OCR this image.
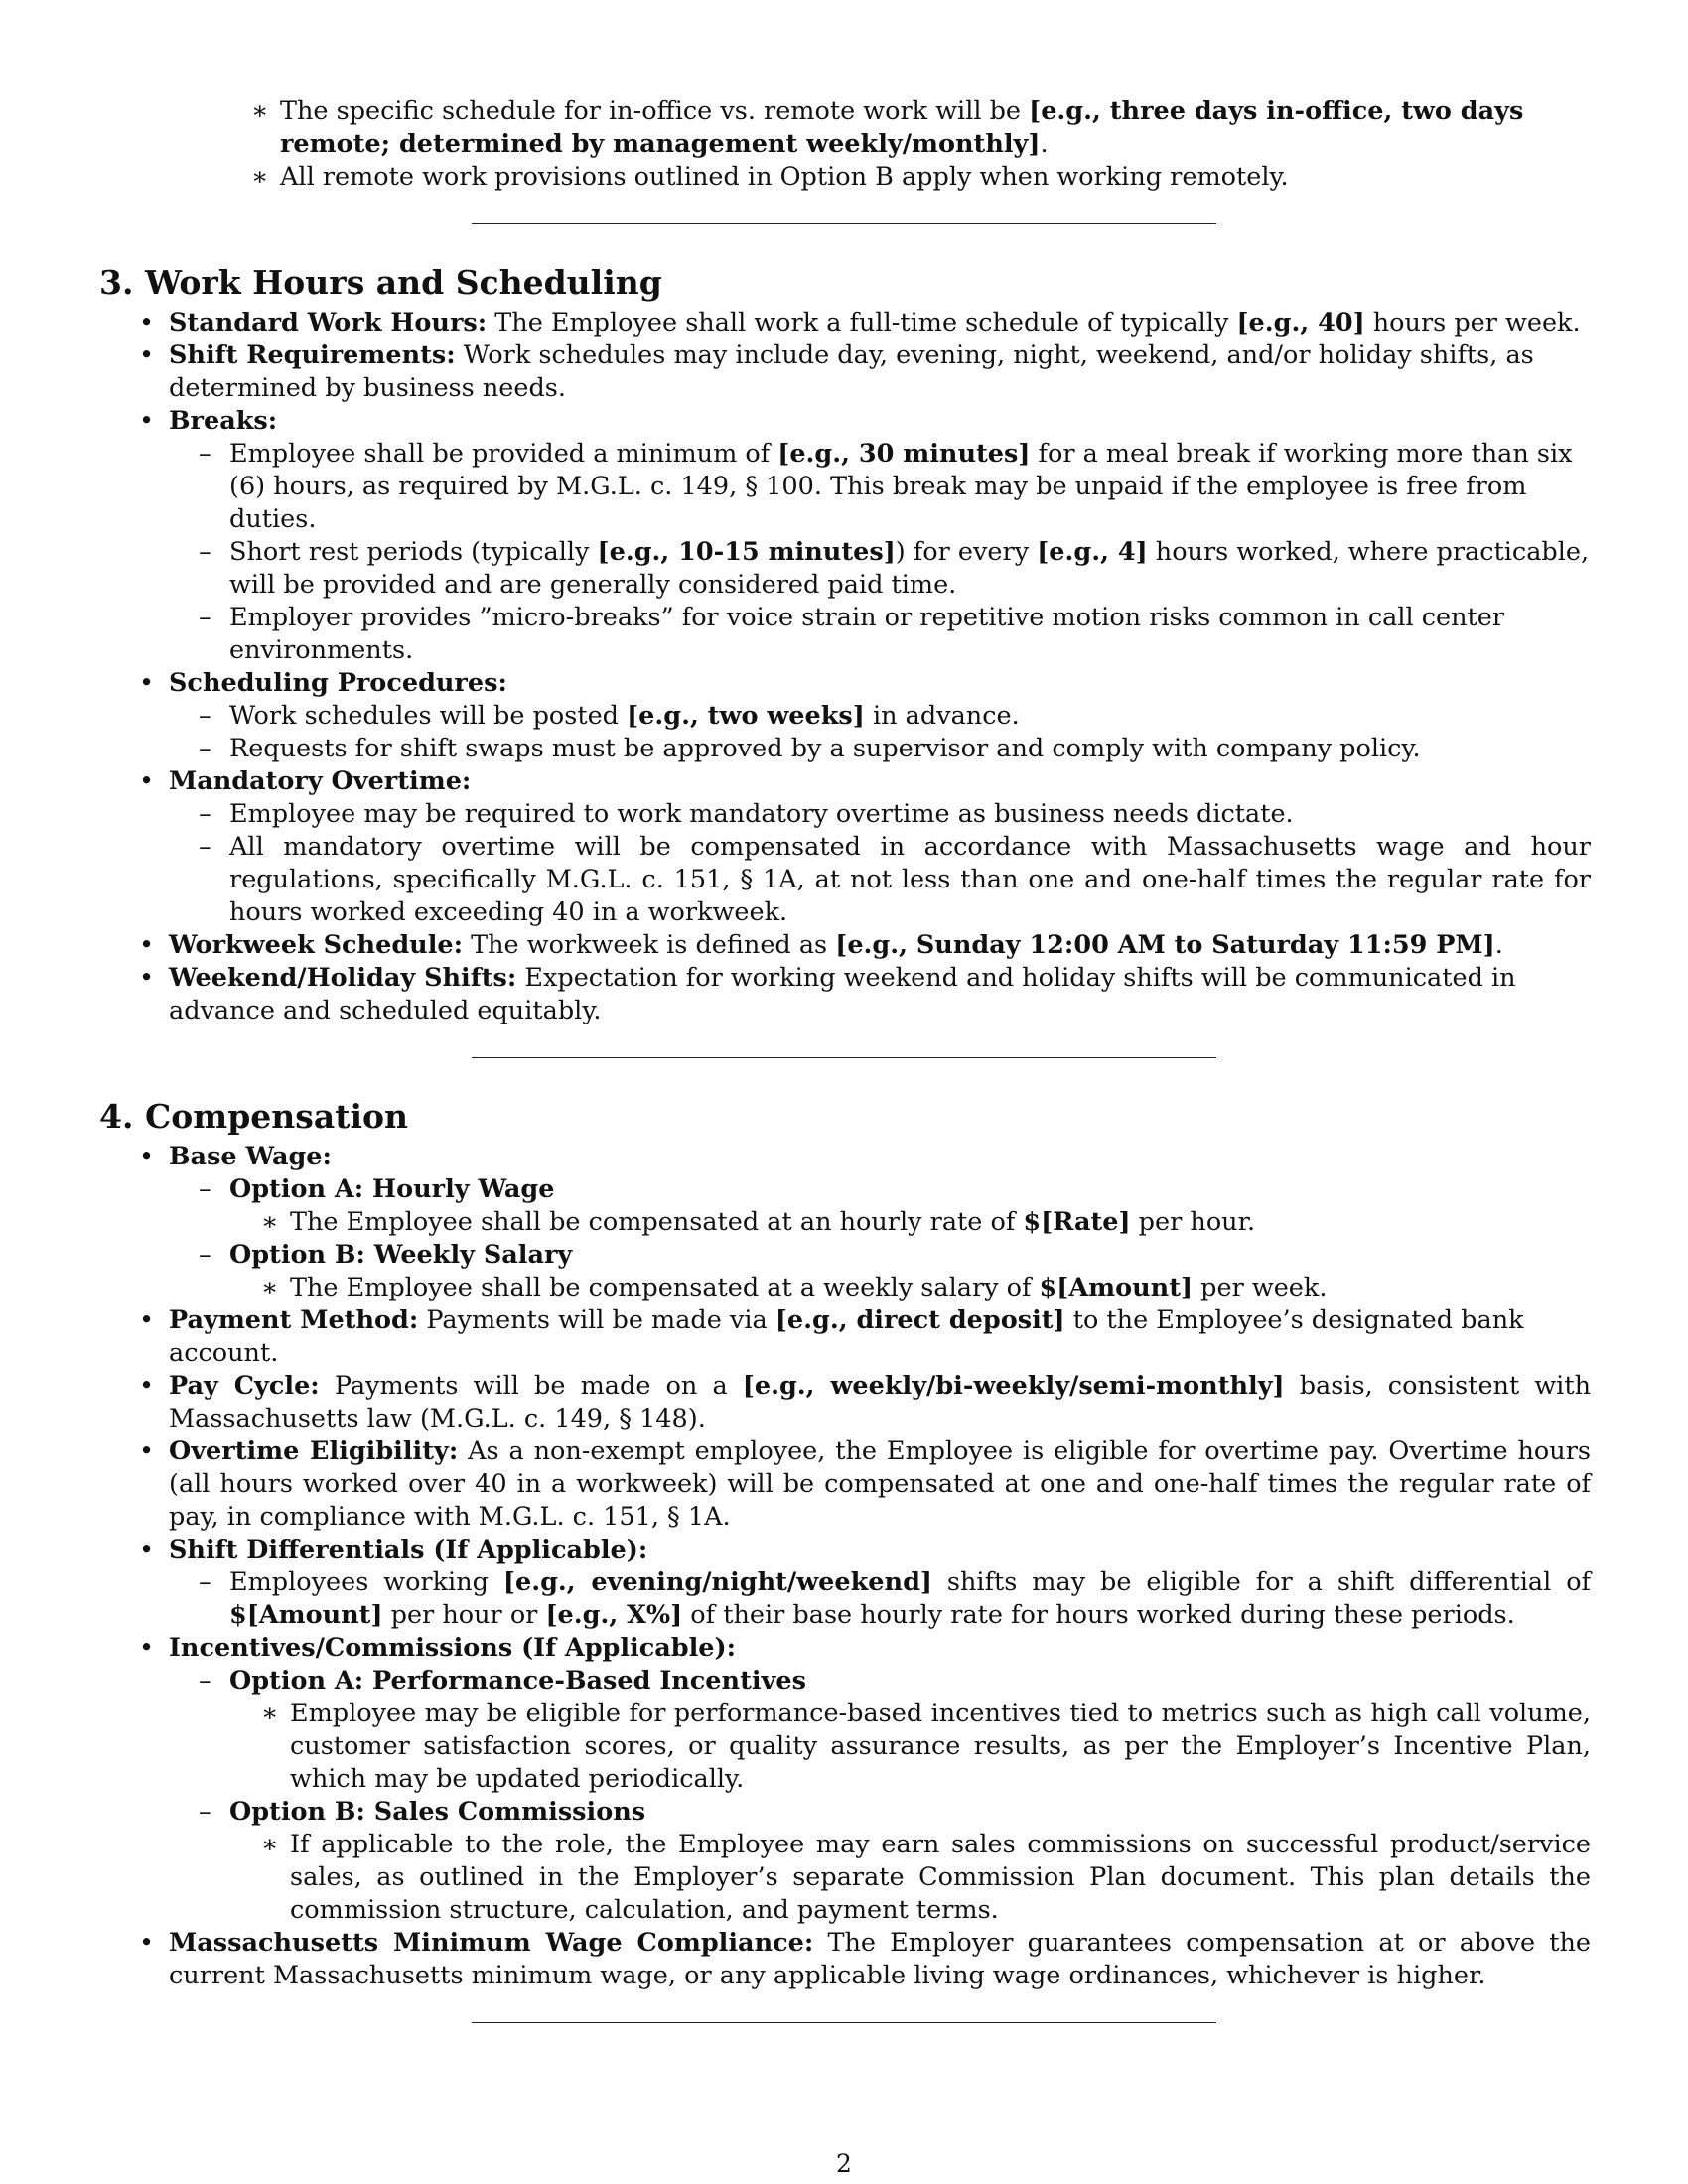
∗ The specific schedule for in-office vs. remote work will be [e.g., three days in-office, two days remote; determined by management weekly/monthly].
∗ All remote work provisions outlined in Option B apply when working remotely.
3. Work Hours and Scheduling
• Standard Work Hours: The Employee shall work a full-time schedule of typically [e.g., 40] hours per week.
• Shift Requirements: Work schedules may include day, evening, night, weekend, and/or holiday shifts, as determined by business needs.
• Breaks:
– Employee shall be provided a minimum of [e.g., 30 minutes] for a meal break if working more than six (6) hours, as required by M.G.L. c. 149, § 100. This break may be unpaid if the employee is free from duties.
– Short rest periods (typically [e.g., 10-15 minutes]) for every [e.g., 4] hours worked, where practicable, will be provided and are generally considered paid time.
– Employer provides ”micro-breaks” for voice strain or repetitive motion risks common in call center environments.
• Scheduling Procedures:
– Work schedules will be posted [e.g., two weeks] in advance.
– Requests for shift swaps must be approved by a supervisor and comply with company policy.
• Mandatory Overtime:
– Employee may be required to work mandatory overtime as business needs dictate.
– All mandatory overtime will be compensated in accordance with Massachusetts wage and hour regulations, specifically M.G.L. c. 151, § 1A, at not less than one and one-half times the regular rate for hours worked exceeding 40 in a workweek.
• Workweek Schedule: The workweek is defined as [e.g., Sunday 12:00 AM to Saturday 11:59 PM].
• Weekend/Holiday Shifts: Expectation for working weekend and holiday shifts will be communicated in advance and scheduled equitably.
4. Compensation
• Base Wage:
– Option A: Hourly Wage
∗ The Employee shall be compensated at an hourly rate of $[Rate] per hour.
– Option B: Weekly Salary
∗ The Employee shall be compensated at a weekly salary of $[Amount] per week.
• Payment Method: Payments will be made via [e.g., direct deposit] to the Employee’s designated bank account.
• Pay Cycle: Payments will be made on a [e.g., weekly/bi-weekly/semi-monthly] basis, consistent with Massachusetts law (M.G.L. c. 149, § 148).
• Overtime Eligibility: As a non-exempt employee, the Employee is eligible for overtime pay. Overtime hours (all hours worked over 40 in a workweek) will be compensated at one and one-half times the regular rate of pay, in compliance with M.G.L. c. 151, § 1A.
• Shift Differentials (If Applicable):
– Employees working [e.g., evening/night/weekend] shifts may be eligible for a shift differential of $[Amount] per hour or [e.g., X%] of their base hourly rate for hours worked during these periods.
• Incentives/Commissions (If Applicable):
– Option A: Performance-Based Incentives
∗ Employee may be eligible for performance-based incentives tied to metrics such as high call volume, customer satisfaction scores, or quality assurance results, as per the Employer’s Incentive Plan, which may be updated periodically.
– Option B: Sales Commissions
∗ If applicable to the role, the Employee may earn sales commissions on successful product/service sales, as outlined in the Employer’s separate Commission Plan document. This plan details the commission structure, calculation, and payment terms.
• Massachusetts Minimum Wage Compliance: The Employer guarantees compensation at or above the current Massachusetts minimum wage, or any applicable living wage ordinances, whichever is higher.
2
